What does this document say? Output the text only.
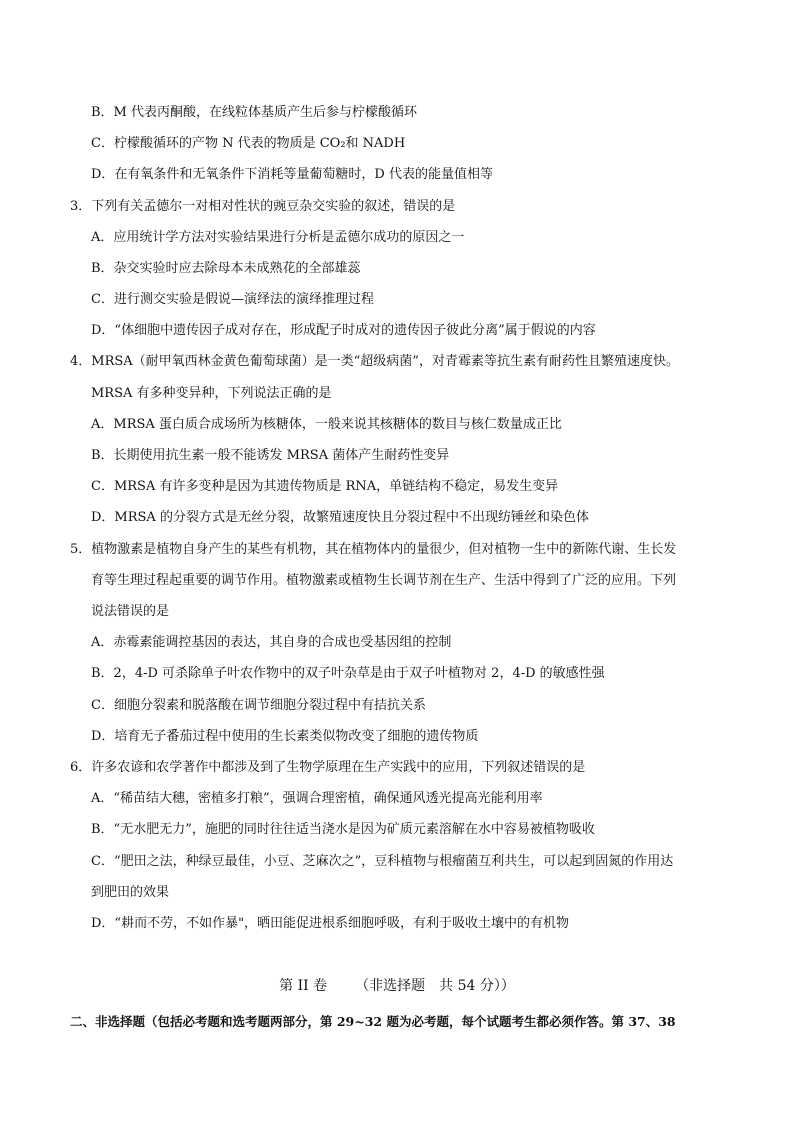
B．M 代表丙酮酸，在线粒体基质产生后参与柠檬酸循环
C．柠檬酸循环的产物 N 代表的物质是 CO₂和 NADH
D．在有氧条件和无氧条件下消耗等量葡萄糖时，D 代表的能量值相等
3．下列有关孟德尔一对相对性状的豌豆杂交实验的叙述，错误的是
A．应用统计学方法对实验结果进行分析是孟德尔成功的原因之一
B．杂交实验时应去除母本未成熟花的全部雄蕊
C．进行测交实验是假说—演绎法的演绎推理过程
D．“体细胞中遗传因子成对存在，形成配子时成对的遗传因子彼此分离”属于假说的内容
4．MRSA（耐甲氧西林金黄色葡萄球菌）是一类“超级病菌”，对青霉素等抗生素有耐药性且繁殖速度快。
MRSA 有多种变异种，下列说法正确的是
A．MRSA 蛋白质合成场所为核糖体，一般来说其核糖体的数目与核仁数量成正比
B．长期使用抗生素一般不能诱发 MRSA 菌体产生耐药性变异
C．MRSA 有许多变种是因为其遗传物质是 RNA，单链结构不稳定，易发生变异
D．MRSA 的分裂方式是无丝分裂，故繁殖速度快且分裂过程中不出现纺锤丝和染色体
5．植物激素是植物自身产生的某些有机物，其在植物体内的量很少，但对植物一生中的新陈代谢、生长发
育等生理过程起重要的调节作用。植物激素或植物生长调节剂在生产、生活中得到了广泛的应用。下列
说法错误的是
A．赤霉素能调控基因的表达，其自身的合成也受基因组的控制
B．2，4-D 可杀除单子叶农作物中的双子叶杂草是由于双子叶植物对 2，4-D 的敏感性强
C．细胞分裂素和脱落酸在调节细胞分裂过程中有拮抗关系
D．培育无子番茄过程中使用的生长素类似物改变了细胞的遗传物质
6．许多农谚和农学著作中都涉及到了生物学原理在生产实践中的应用，下列叙述错误的是
A．“稀苗结大穗，密植多打粮”，强调合理密植，确保通风透光提高光能利用率
B．“无水肥无力”，施肥的同时往往适当浇水是因为矿质元素溶解在水中容易被植物吸收
C．“肥田之法，种绿豆最佳，小豆、芝麻次之”，豆科植物与根瘤菌互利共生，可以起到固氮的作用达
到肥田的效果
D．“耕而不劳，不如作暴"，晒田能促进根系细胞呼吸，有利于吸收土壤中的有机物
第 II 卷 （非选择题　共 54 分））
二、非选择题（包括必考题和选考题两部分，第 29~32 题为必考题，每个试题考生都必须作答。第 37、38
